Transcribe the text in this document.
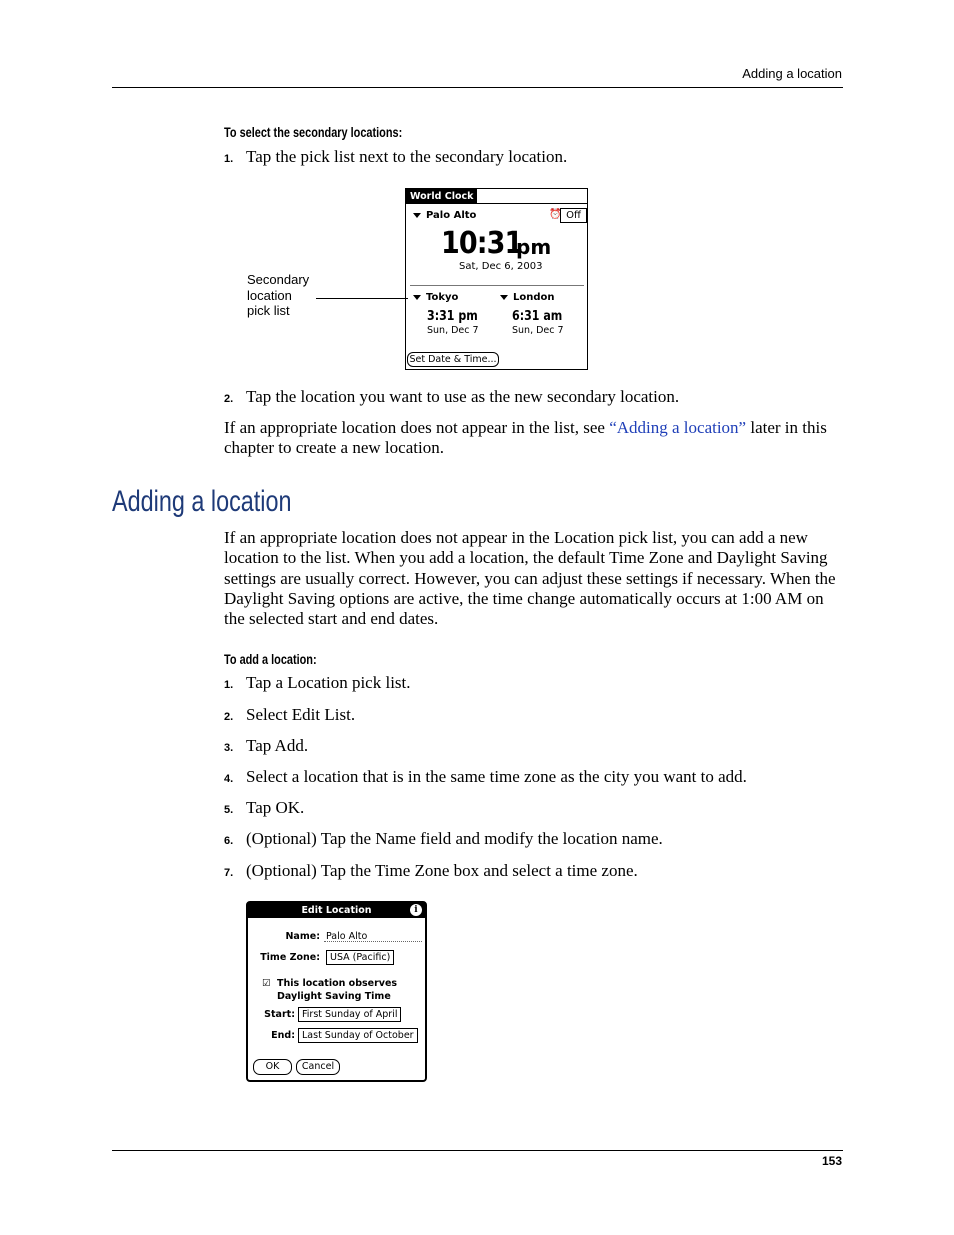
Adding a location
To select the secondary locations:
1. Tap the pick list next to the secondary location.
World Clock
Palo Alto	⏰ Off
10:31
pm
Sat, Dec 6, 2003
Tokyo
3:31 pm
Sun, Dec 7
London
6:31 am
Sun, Dec 7
Set Date & Time...
Secondary
location
pick list
2. Tap the location you want to use as the new secondary location.
If an appropriate location does not appear in the list, see “Adding a location” later in this chapter to create a new location.
Adding a location
If an appropriate location does not appear in the Location pick list, you can add a new location to the list. When you add a location, the default Time Zone and Daylight Saving settings are usually correct. However, you can adjust these settings if necessary. When the Daylight Saving options are active, the time change automatically occurs at 1:00 AM on the selected start and end dates.
To add a location:
1. Tap a Location pick list.
2. Select Edit List.
3. Tap Add.
4. Select a location that is in the same time zone as the city you want to add.
5. Tap OK.
6. (Optional) Tap the Name field and modify the location name.
7. (Optional) Tap the Time Zone box and select a time zone.
Edit Location	i
Name: Palo Alto
Time Zone:	USA (Pacific)
☑ This location observes
Daylight Saving Time
Start: First Sunday of April
End: Last Sunday of October
OK	Cancel
153
